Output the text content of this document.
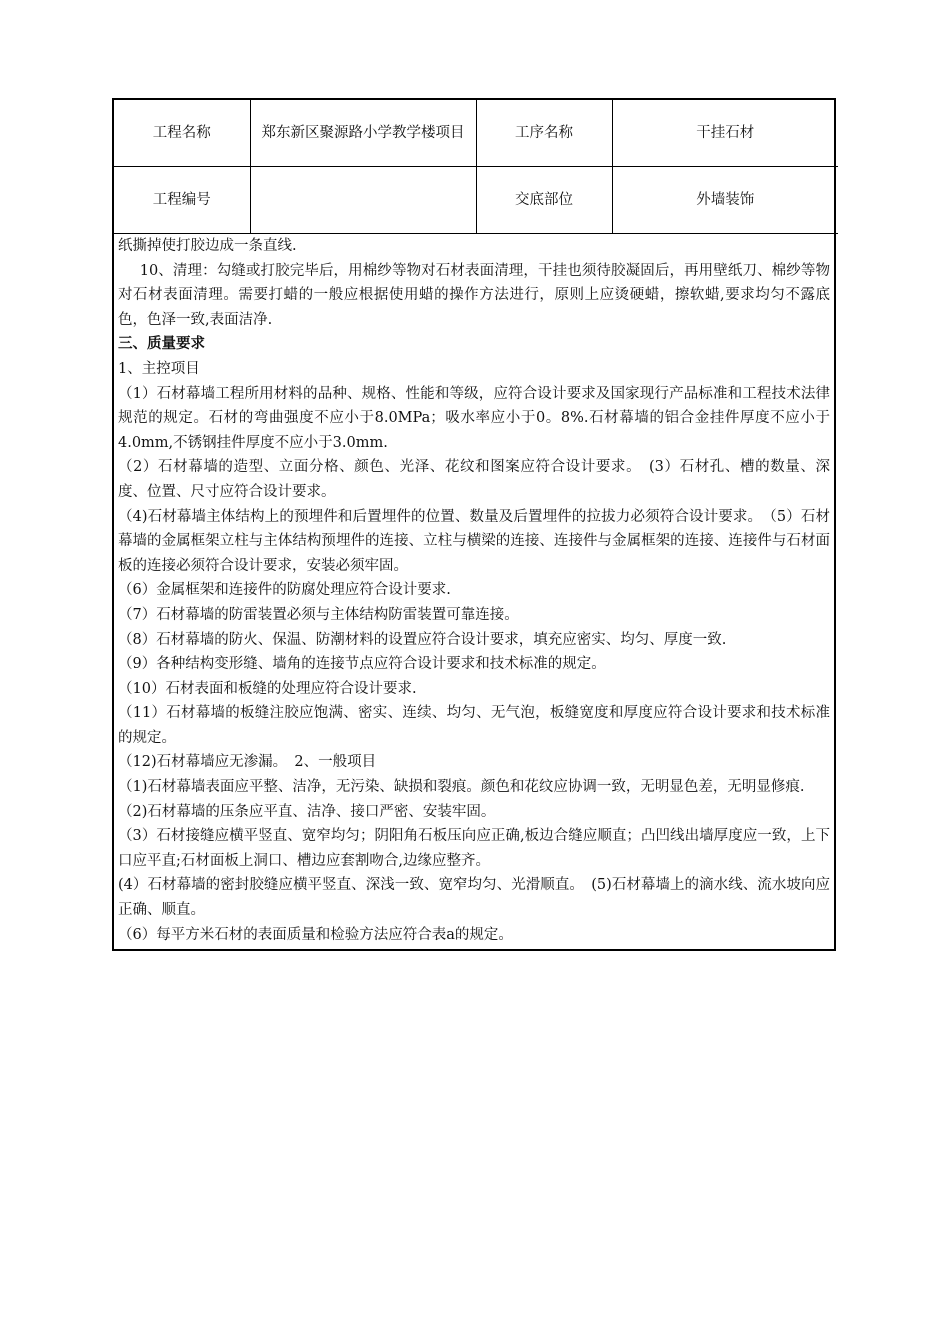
工程名称	郑东新区聚源路小学教学楼项目	工序名称	干挂石材
工程编号		交底部位	外墙装饰

纸撕掉使打胶边成一条直线.

10、清理：勾缝或打胶完毕后，用棉纱等物对石材表面清理，干挂也须待胶凝固后，再用壁纸刀、棉纱等物对石材表面清理。需要打蜡的一般应根据使用蜡的操作方法进行，原则上应烫硬蜡，擦软蜡,要求均匀不露底色，色泽一致,表面洁净.

三、质量要求

1、主控项目

（1）石材幕墙工程所用材料的品种、规格、性能和等级，应符合设计要求及国家现行产品标准和工程技术法律规范的规定。石材的弯曲强度不应小于8.0MPa；吸水率应小于0。8%.石材幕墙的铝合金挂件厚度不应小于4.0mm,不锈钢挂件厚度不应小于3.0mm.

（2）石材幕墙的造型、立面分格、颜色、光泽、花纹和图案应符合设计要求。　(3）石材孔、槽的数量、深度、位置、尺寸应符合设计要求。

（4)石材幕墙主体结构上的预埋件和后置埋件的位置、数量及后置埋件的拉拔力必须符合设计要求。　（5）石材幕墙的金属框架立柱与主体结构预埋件的连接、立柱与横梁的连接、连接件与金属框架的连接、连接件与石材面板的连接必须符合设计要求，安装必须牢固。

（6）金属框架和连接件的防腐处理应符合设计要求.

（7）石材幕墙的防雷装置必须与主体结构防雷装置可靠连接。

（8）石材幕墙的防火、保温、防潮材料的设置应符合设计要求，填充应密实、均匀、厚度一致.

（9）各种结构变形缝、墙角的连接节点应符合设计要求和技术标准的规定。

（10）石材表面和板缝的处理应符合设计要求.

（11）石材幕墙的板缝注胶应饱满、密实、连续、均匀、无气泡，板缝宽度和厚度应符合设计要求和技术标准的规定。

（12)石材幕墙应无渗漏。　2、一般项目

（1)石材幕墙表面应平整、洁净，无污染、缺损和裂痕。颜色和花纹应协调一致，无明显色差，无明显修痕.

（2)石材幕墙的压条应平直、洁净、接口严密、安装牢固。

（3）石材接缝应横平竖直、宽窄均匀；阴阳角石板压向应正确,板边合缝应顺直；凸凹线出墙厚度应一致，上下口应平直;石材面板上洞口、槽边应套割吻合,边缘应整齐。

(4）石材幕墙的密封胶缝应横平竖直、深浅一致、宽窄均匀、光滑顺直。　(5)石材幕墙上的滴水线、流水坡向应正确、顺直。

（6）每平方米石材的表面质量和检验方法应符合表a的规定。
